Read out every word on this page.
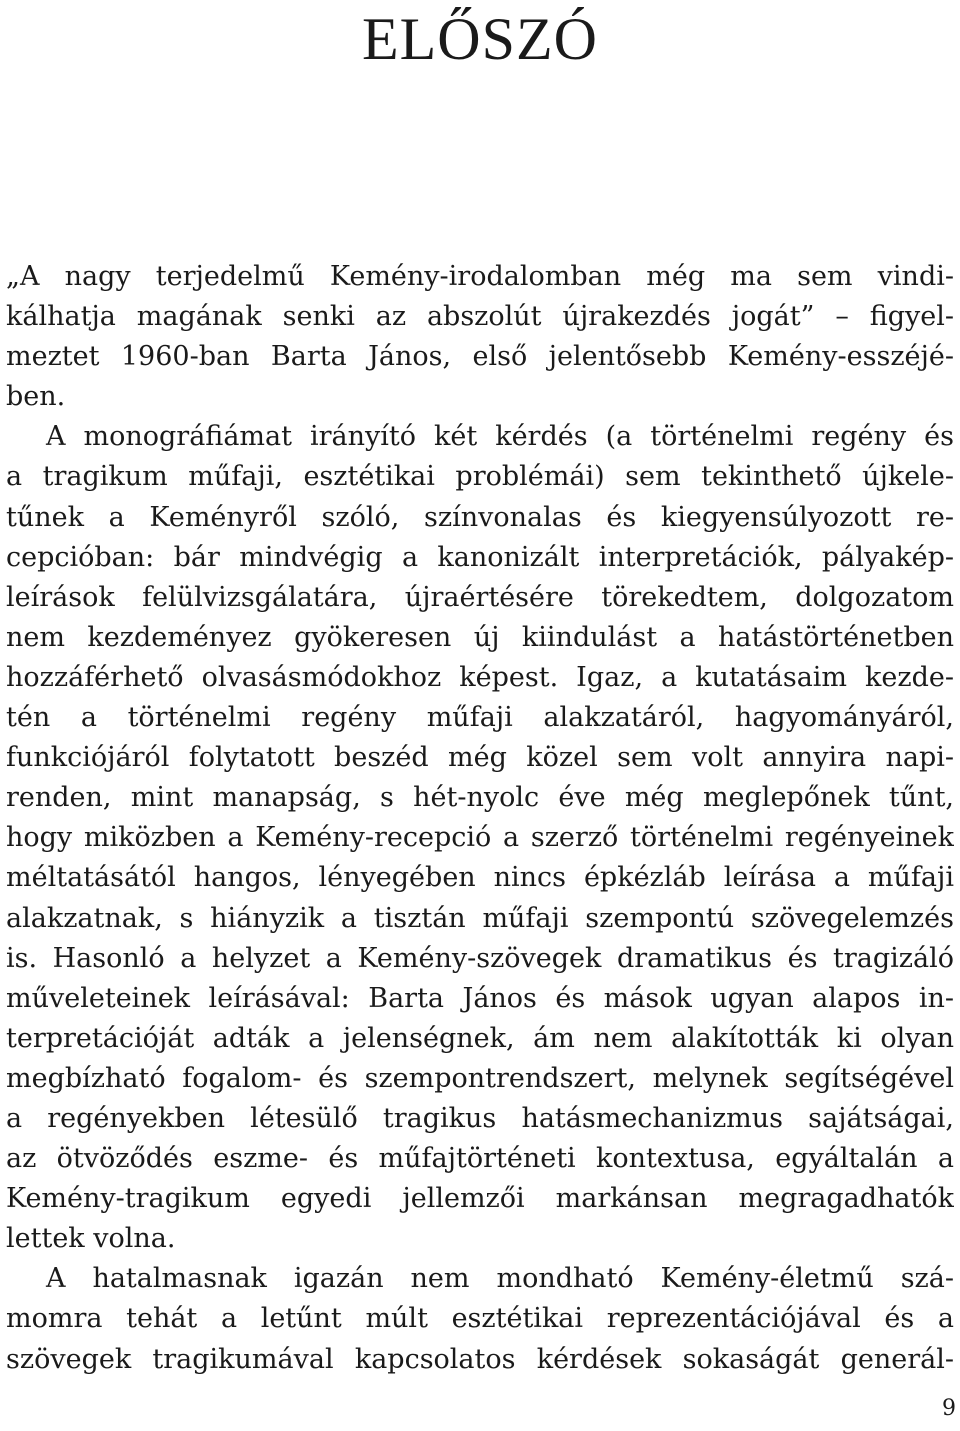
ELŐSZÓ
„A nagy terjedelmű Kemény-irodalomban még ma sem vindi-
kálhatja magának senki az abszolút újrakezdés jogát” – figyel-
meztet 1960-ban Barta János, első jelentősebb Kemény-esszéjé-
ben.
A monográfiámat irányító két kérdés (a történelmi regény és
a tragikum műfaji, esztétikai problémái) sem tekinthető újkele-
tűnek a Keményről szóló, színvonalas és kiegyensúlyozott re-
cepcióban: bár mindvégig a kanonizált interpretációk, pályakép-
leírások felülvizsgálatára, újraértésére törekedtem, dolgozatom
nem kezdeményez gyökeresen új kiindulást a hatástörténetben
hozzáférhető olvasásmódokhoz képest. Igaz, a kutatásaim kezde-
tén a történelmi regény műfaji alakzatáról, hagyományáról,
funkciójáról folytatott beszéd még közel sem volt annyira napi-
renden, mint manapság, s hét-nyolc éve még meglepőnek tűnt,
hogy miközben a Kemény-recepció a szerző történelmi regényeinek
méltatásától hangos, lényegében nincs épkézláb leírása a műfaji
alakzatnak, s hiányzik a tisztán műfaji szempontú szövegelemzés
is. Hasonló a helyzet a Kemény-szövegek dramatikus és tragizáló
műveleteinek leírásával: Barta János és mások ugyan alapos in-
terpretációját adták a jelenségnek, ám nem alakították ki olyan
megbízható fogalom- és szempontrendszert, melynek segítségével
a regényekben létesülő tragikus hatásmechanizmus sajátságai,
az ötvöződés eszme- és műfajtörténeti kontextusa, egyáltalán a
Kemény-tragikum egyedi jellemzői markánsan megragadhatók
lettek volna.
A hatalmasnak igazán nem mondható Kemény-életmű szá-
momra tehát a letűnt múlt esztétikai reprezentációjával és a
szövegek tragikumával kapcsolatos kérdések sokaságát generál-
9
